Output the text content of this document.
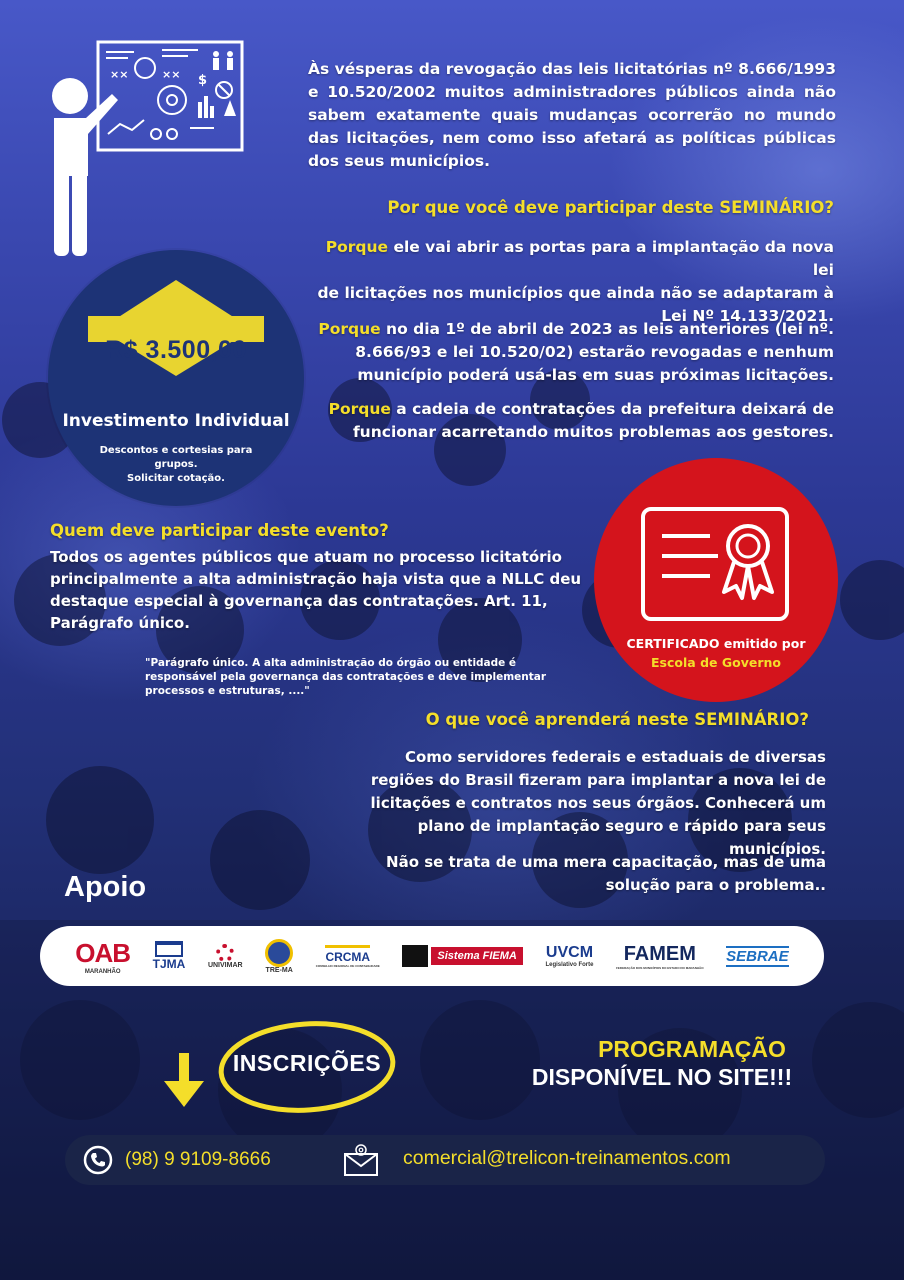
××	×× $

Às vésperas da revogação das leis licitatórias nº 8.666/1993 e 10.520/2002 muitos administradores públicos ainda não sabem exatamente quais mudanças ocorrerão no mundo das licitações, nem como isso afetará as políticas públicas dos seus municípios.

Por que você deve participar deste SEMINÁRIO?
Porque ele vai abrir as portas para a implantação da nova lei
de licitações nos municípios que ainda não se adaptaram à
Lei Nº 14.133/2021.
Porque no dia 1º de abril de 2023 as leis anteriores (lei nº.
8.666/93 e lei 10.520/02) estarão revogadas e nenhum
município poderá usá-las em suas próximas licitações.
Porque a cadeia de contratações da prefeitura deixará de
funcionar acarretando muitos problemas aos gestores.
R$ 3.500,00
Investimento Individual
Descontos e cortesias para grupos.
Solicitar cotação.
CERTIFICADO emitido por
Escola de Governo
Quem deve participar deste evento?

Todos os agentes públicos que atuam no processo licitatório principalmente a alta administração haja vista que a NLLC deu destaque especial à governança das contratações. Art. 11, Parágrafo único.

"Parágrafo único. A alta administração do órgão ou entidade é responsável pela governança das contratações e deve implementar processos e estruturas, ...."

O que você aprenderá neste SEMINÁRIO?

Como servidores federais e estaduais de diversas regiões do Brasil fizeram para implantar a nova lei de licitações e contratos nos seus órgãos. Conhecerá um plano de implantação seguro e rápido para seus municípios.

Não se trata de uma mera capacitação, mas de uma solução para o problema..

Apoio
OAB
MARANHÃO
TJMA	UNIVIMAR
TRE-MA
CRCMA
CONSELHO REGIONAL DE CONTABILIDADE
Sistema FIEMA	UVCM
Legislativo Forte
FAMEM
FEDERAÇÃO DOS MUNICÍPIOS DO ESTADO DO MARANHÃO
SEBRAE
INSCRIÇÕES
PROGRAMAÇÃO
DISPONÍVEL NO SITE!!!
(98) 9 9109-8666	comercial@trelicon-treinamentos.com
